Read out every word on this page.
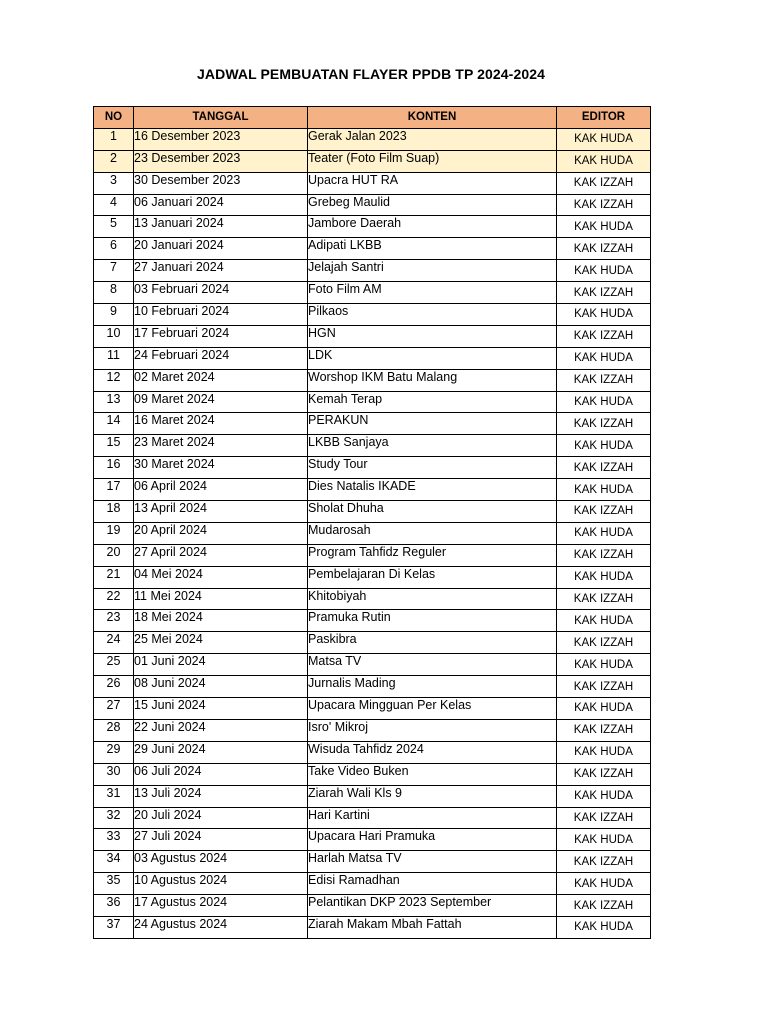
JADWAL PEMBUATAN FLAYER PPDB TP 2024-2024
NO	TANGGAL	KONTEN	EDITOR
1	16 Desember 2023	Gerak Jalan 2023	KAK HUDA
2	23 Desember 2023	Teater (Foto Film Suap)	KAK HUDA
3	30 Desember 2023	Upacra HUT RA	KAK IZZAH
4	06 Januari 2024	Grebeg Maulid	KAK IZZAH
5	13 Januari 2024	Jambore Daerah	KAK HUDA
6	20 Januari 2024	Adipati LKBB	KAK IZZAH
7	27 Januari 2024	Jelajah Santri	KAK HUDA
8	03 Februari 2024	Foto Film AM	KAK IZZAH
9	10 Februari 2024	Pilkaos	KAK HUDA
10	17 Februari 2024	HGN	KAK IZZAH
11	24 Februari 2024	LDK	KAK HUDA
12	02 Maret 2024	Worshop IKM Batu Malang	KAK IZZAH
13	09 Maret 2024	Kemah Terap	KAK HUDA
14	16 Maret 2024	PERAKUN	KAK IZZAH
15	23 Maret 2024	LKBB Sanjaya	KAK HUDA
16	30 Maret 2024	Study Tour	KAK IZZAH
17	06 April 2024	Dies Natalis IKADE	KAK HUDA
18	13 April 2024	Sholat Dhuha	KAK IZZAH
19	20 April 2024	Mudarosah	KAK HUDA
20	27 April 2024	Program Tahfidz Reguler	KAK IZZAH
21	04 Mei 2024	Pembelajaran Di Kelas	KAK HUDA
22	11 Mei 2024	Khitobiyah	KAK IZZAH
23	18 Mei 2024	Pramuka Rutin	KAK HUDA
24	25 Mei 2024	Paskibra	KAK IZZAH
25	01 Juni 2024	Matsa TV	KAK HUDA
26	08 Juni 2024	Jurnalis Mading	KAK IZZAH
27	15 Juni 2024	Upacara Mingguan Per Kelas	KAK HUDA
28	22 Juni 2024	Isro' Mikroj	KAK IZZAH
29	29 Juni 2024	Wisuda Tahfidz 2024	KAK HUDA
30	06 Juli 2024	Take Video Buken	KAK IZZAH
31	13 Juli 2024	Ziarah Wali Kls 9	KAK HUDA
32	20 Juli 2024	Hari Kartini	KAK IZZAH
33	27 Juli 2024	Upacara Hari Pramuka	KAK HUDA
34	03 Agustus 2024	Harlah Matsa TV	KAK IZZAH
35	10 Agustus 2024	Edisi Ramadhan	KAK HUDA
36	17 Agustus 2024	Pelantikan DKP 2023 September	KAK IZZAH
37	24 Agustus 2024	Ziarah Makam Mbah Fattah	KAK HUDA
